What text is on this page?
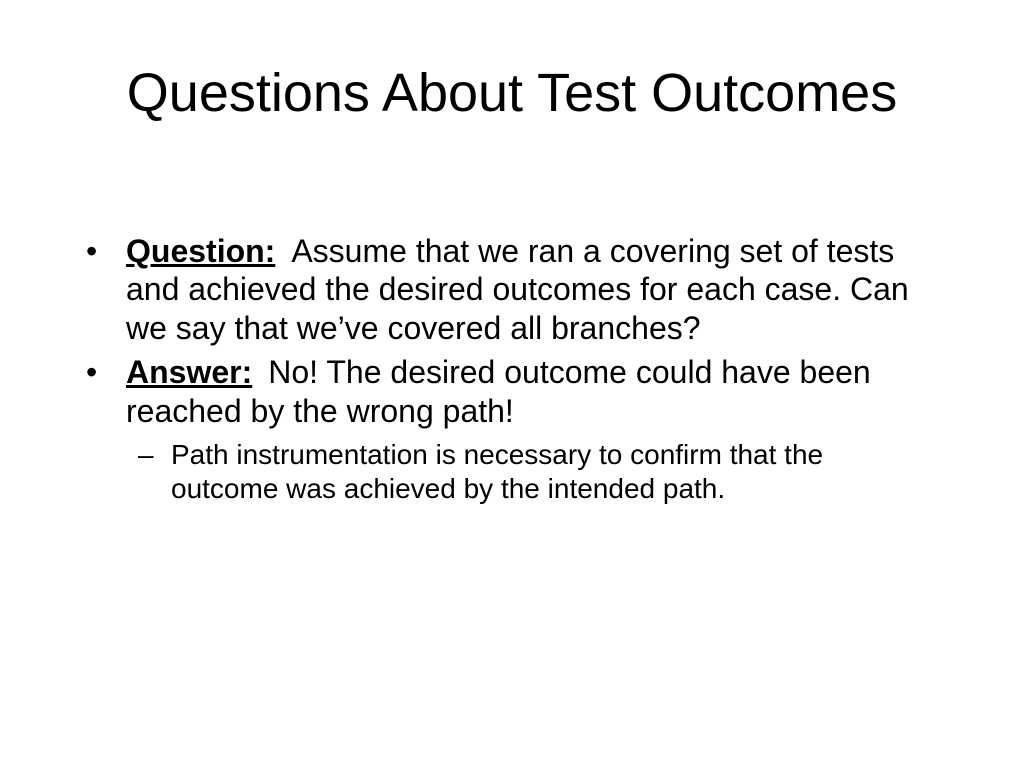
Questions About Test Outcomes
• Question: Assume that we ran a covering set of tests and achieved the desired outcomes for each case. Can we say that we’ve covered all branches?
• Answer: No! The desired outcome could have been reached by the wrong path!
– Path instrumentation is necessary to confirm that the outcome was achieved by the intended path.
